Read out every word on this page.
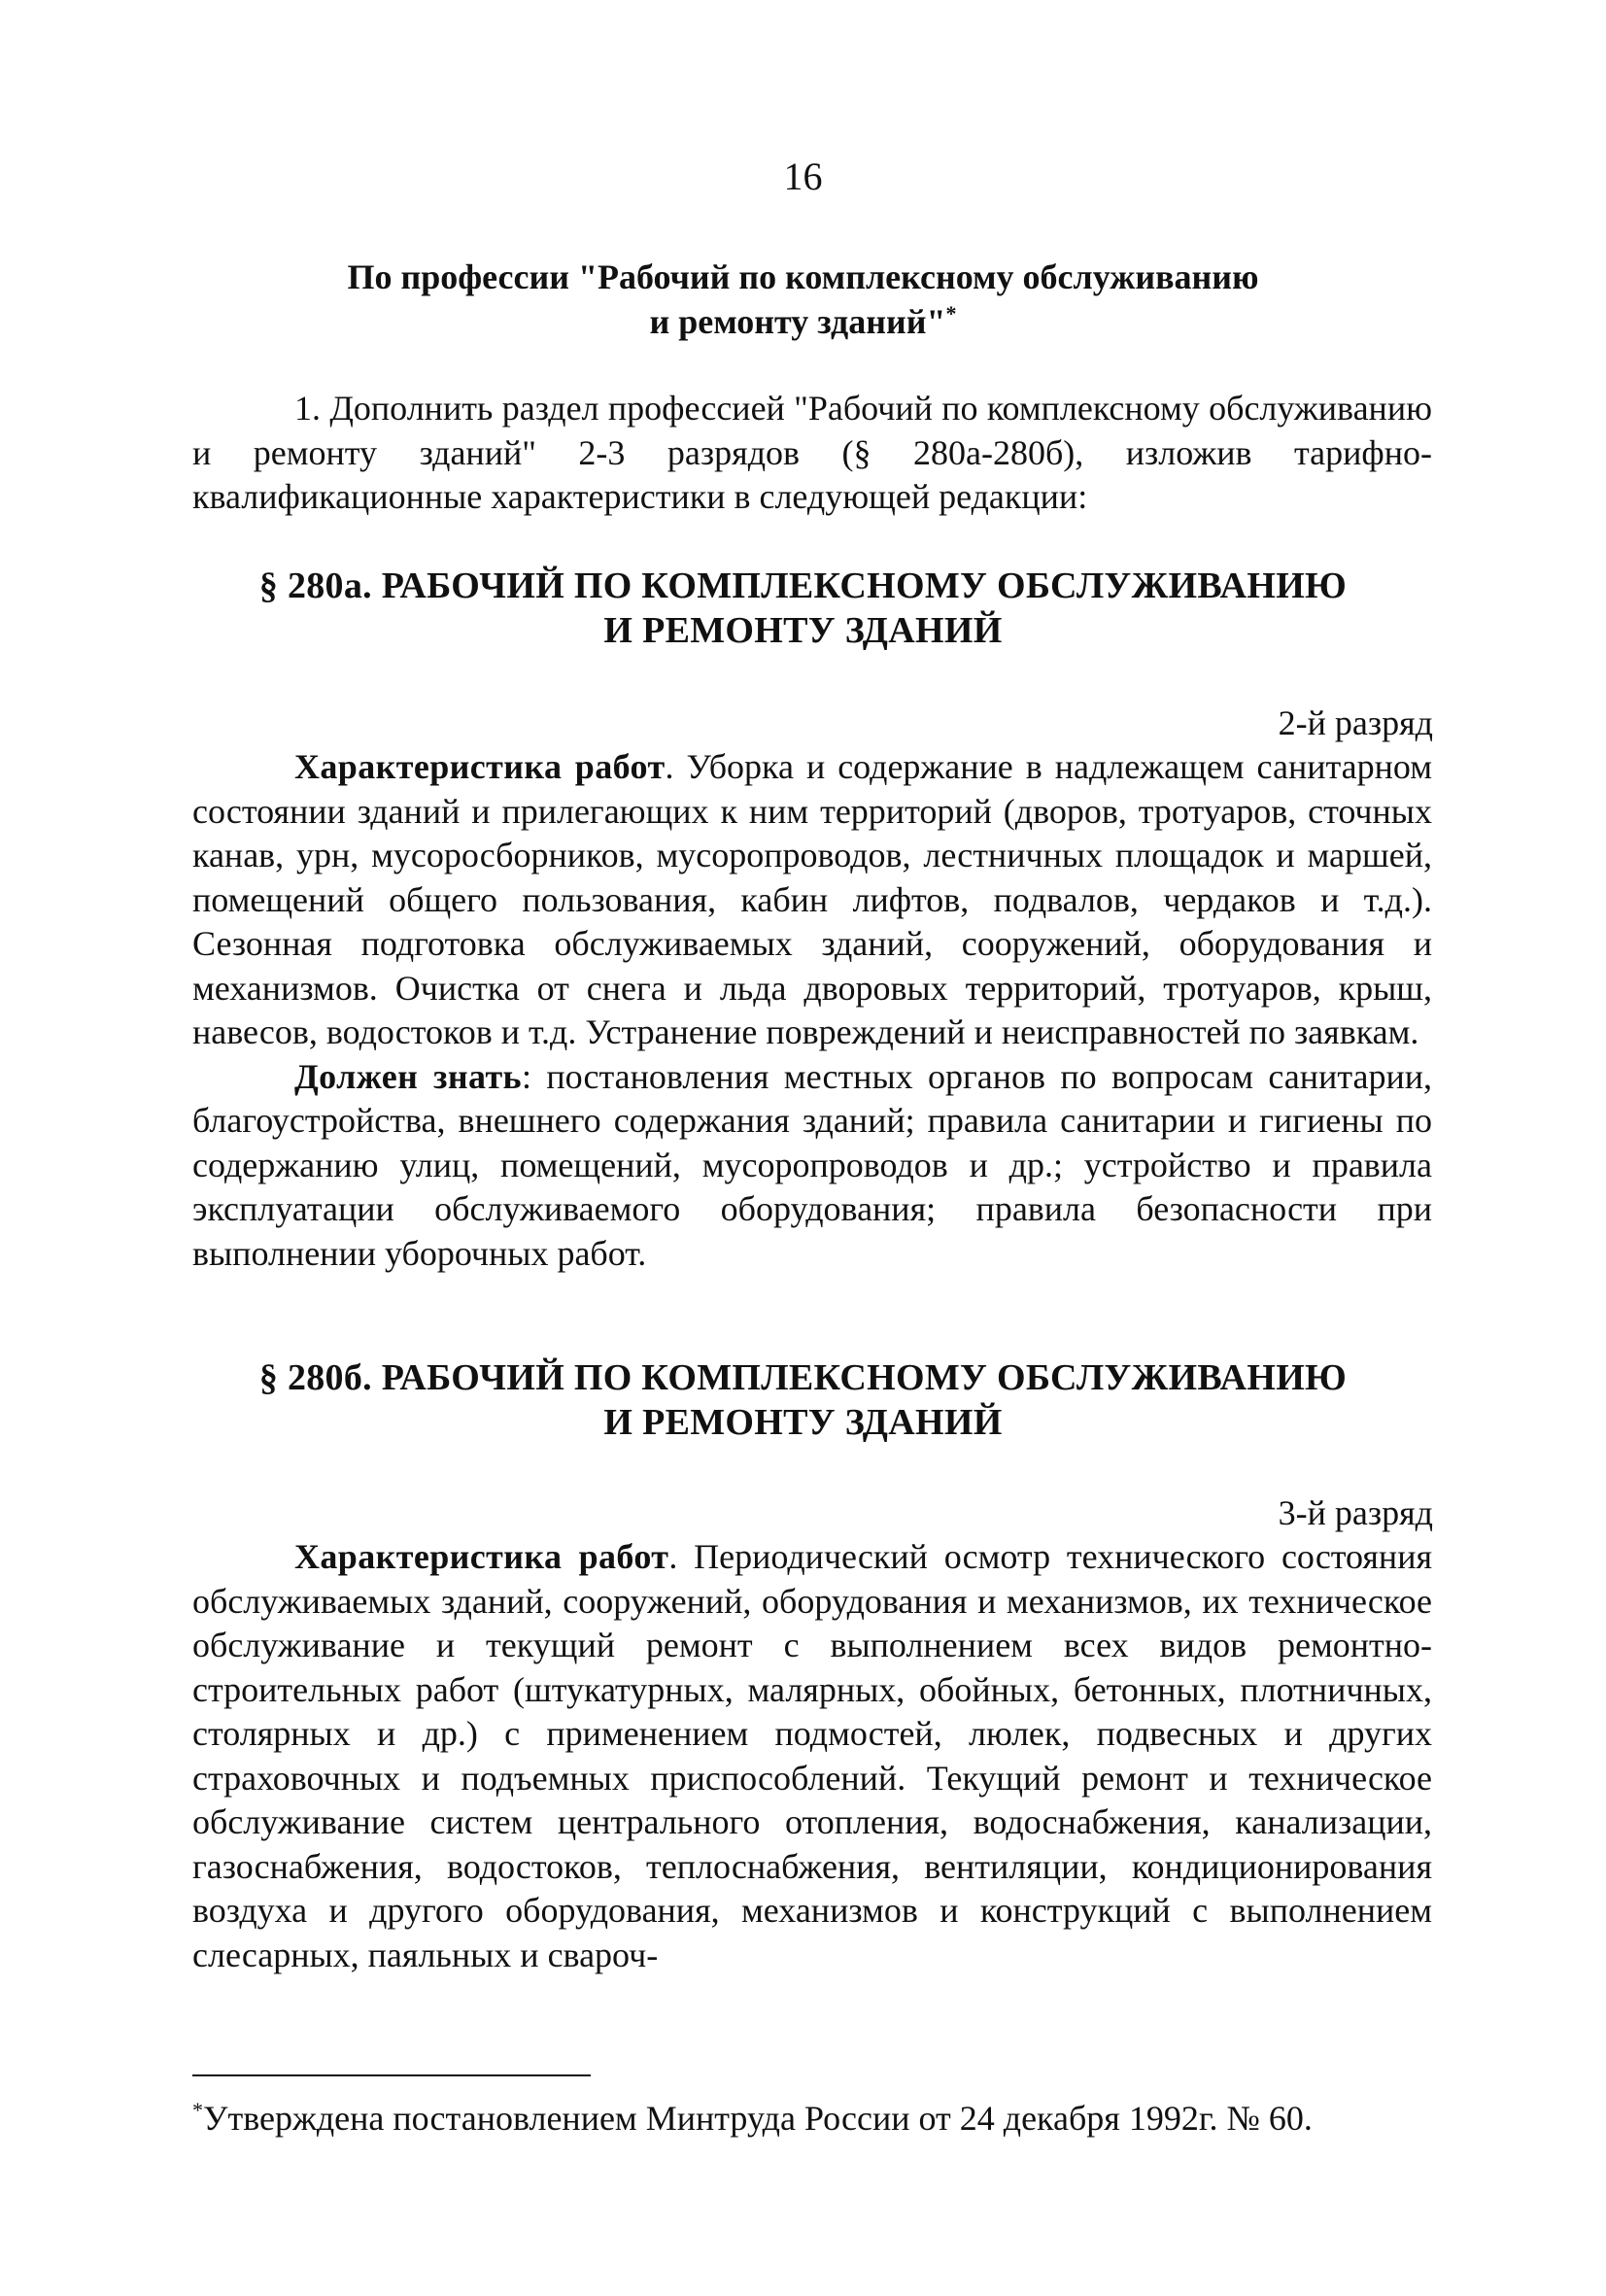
16
По профессии "Рабочий по комплексному обслуживанию
и ремонту зданий"*

1. Дополнить раздел профессией "Рабочий по комплексному обслуживанию и ремонту зданий" 2-3 разрядов (§ 280а-280б), изложив тарифно-квалификационные характеристики в следующей редакции:

§ 280а. РАБОЧИЙ ПО КОМПЛЕКСНОМУ ОБСЛУЖИВАНИЮ
И РЕМОНТУ ЗДАНИЙ
2-й разряд

Характеристика работ. Уборка и содержание в надлежащем санитарном состоянии зданий и прилегающих к ним территорий (дворов, тротуаров, сточных канав, урн, мусоросборников, мусоропроводов, лестничных площадок и маршей, помещений общего пользования, кабин лифтов, подвалов, чердаков и т.д.). Сезонная подготовка обслуживаемых зданий, сооружений, оборудования и механизмов. Очистка от снега и льда дворовых территорий, тротуаров, крыш, навесов, водостоков и т.д. Устранение повреждений и неисправностей по заявкам.

Должен знать: постановления местных органов по вопросам санитарии, благоустройства, внешнего содержания зданий; правила санитарии и гигиены по содержанию улиц, помещений, мусоропроводов и др.; устройство и правила эксплуатации обслуживаемого оборудования; правила безопасности при выполнении уборочных работ.

§ 280б. РАБОЧИЙ ПО КОМПЛЕКСНОМУ ОБСЛУЖИВАНИЮ
И РЕМОНТУ ЗДАНИЙ
3-й разряд

Характеристика работ. Периодический осмотр технического состояния обслуживаемых зданий, сооружений, оборудования и механизмов, их техническое обслуживание и текущий ремонт с выполнением всех видов ремонтно-строительных работ (штукатурных, малярных, обойных, бетонных, плотничных, столярных и др.) с применением подмостей, люлек, подвесных и других страховочных и подъемных приспособлений. Текущий ремонт и техническое обслуживание систем центрального отопления, водоснабжения, канализации, газоснабжения, водостоков, теплоснабжения, вентиляции, кондиционирования воздуха и другого оборудования, механизмов и конструкций с выполнением слесарных, паяльных и свароч-

*Утверждена постановлением Минтруда России от 24 декабря 1992г. № 60.
